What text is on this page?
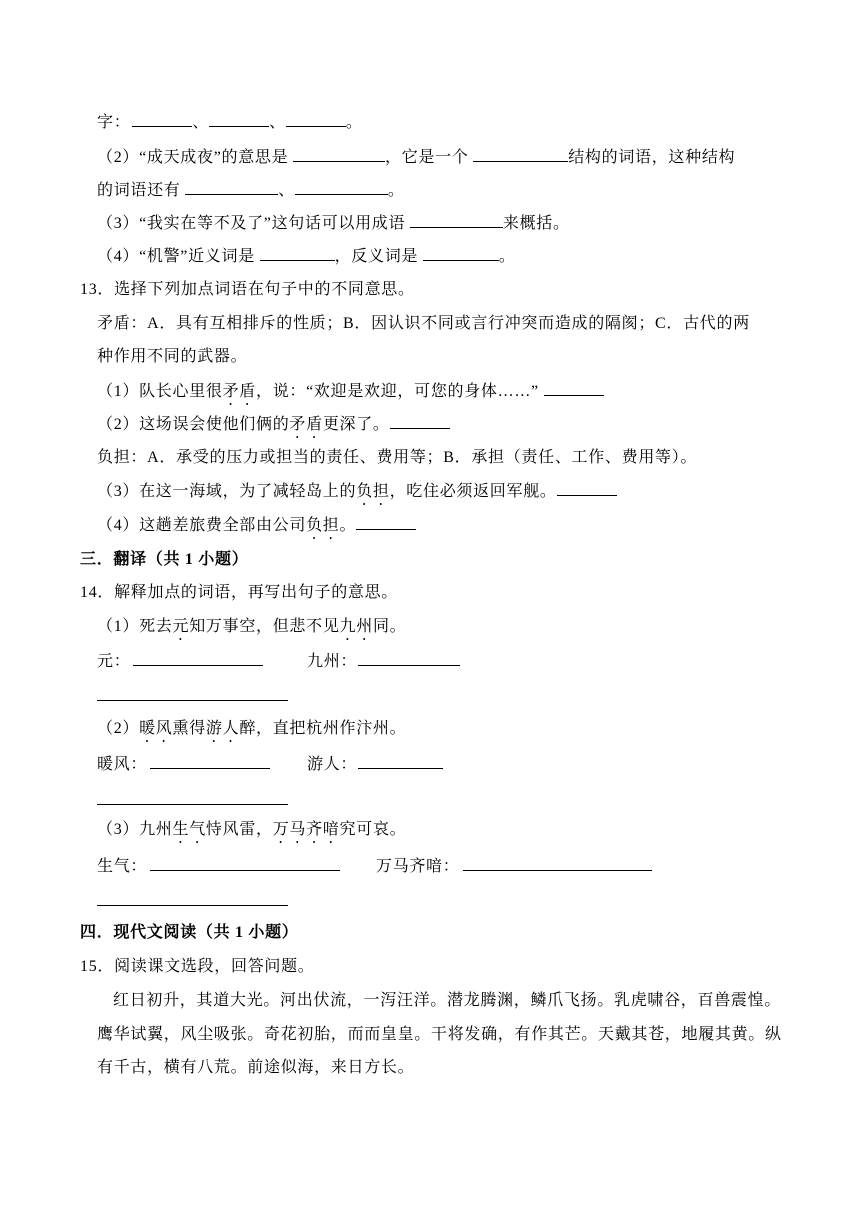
字：	、	、	。
（2）“成天成夜”的意思是	，它是一个	结构的词语，这种结构
的词语还有	、	。
（3）“我实在等不及了”这句话可以用成语	来概括。
（4）“机警”近义词是	，反义词是	。
13．选择下列加点词语在句子中的不同意思。
矛盾：A．具有互相排斥的性质；B．因认识不同或言行冲突而造成的隔阂；C．古代的两
种作用不同的武器。
（1）队长心里很 矛盾 ，说：“欢迎是欢迎，可您的身体……”
（2）这场误会使他们俩的 矛盾 更深了。
负担：A．承受的压力或担当的责任、费用等；B．承担（责任、工作、费用等）。
（3）在这一海域，为了减轻岛上的 负担 ，吃住必须返回军舰。
（4）这趟差旅费全部由公司 负担 。
三．翻译（共 1 小题）
14．解释加点的词语，再写出句子的意思。
（1）死去 元 知万事空，但悲不见 九州 同。
元：	九州：
（2） 暖风 熏得 游人 醉，直把杭州作汴州。
暖风：	游人：
（3）九州 生气 恃风雷， 万马齐喑 究可哀。
生气：	万马齐喑：
四．现代文阅读（共 1 小题）
15．阅读课文选段，回答问题。
红日初升，其道大光。河出伏流，一泻汪洋。潜龙腾渊，鳞爪飞扬。乳虎啸谷，百兽震惶。
鹰华试翼，风尘吸张。奇花初胎，而而皇皇。干将发确，有作其芒。天戴其苍，地履其黄。纵
有千古，横有八荒。前途似海，来日方长。
